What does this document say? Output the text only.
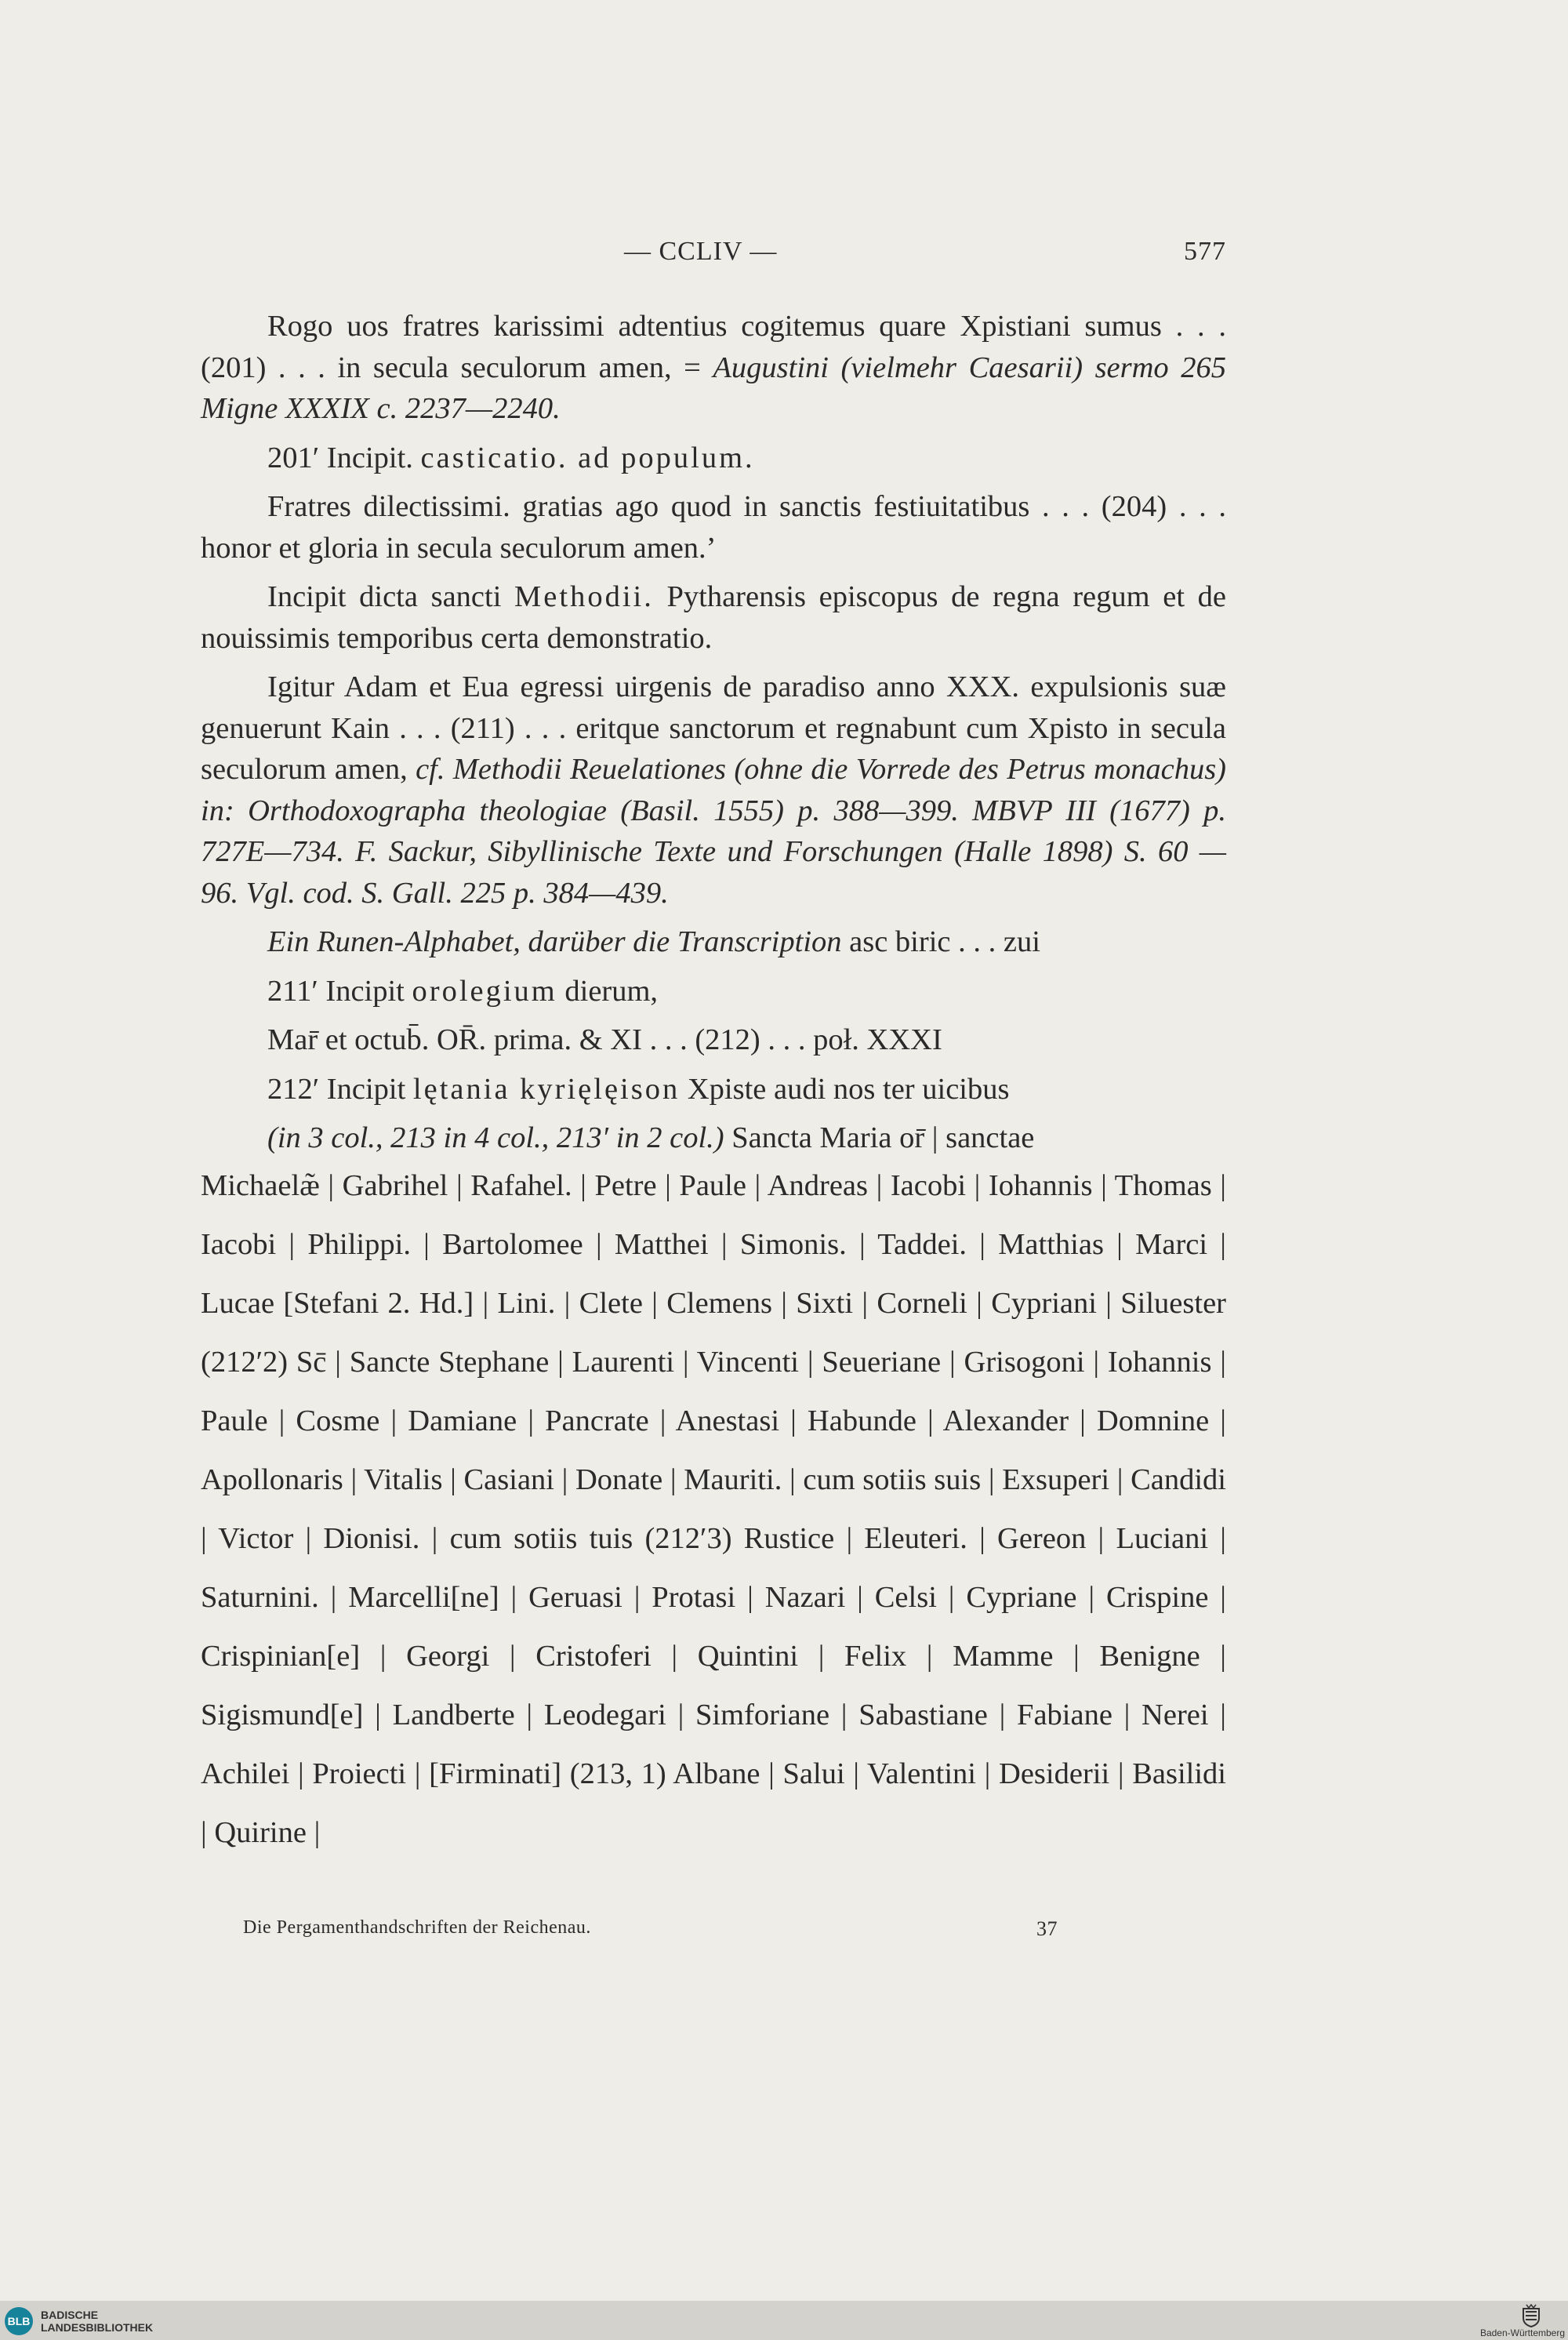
— CCLIV —	577

Rogo uos fratres karissimi adtentius cogitemus quare Χpistiani sumus . . . (201) . . . in secula seculorum amen, = Augustini (vielmehr Caesarii) sermo 265 Migne XXXIX c. 2237—2240.

201′ Incipit. casticatio. ad populum.

Fratres dilectissimi. gratias ago quod in sanctis festiuitatibus . . . (204) . . . honor et gloria in secula seculorum amen.’

Incipit dicta sancti Methodii. Pytharensis episcopus de regna regum et de nouissimis temporibus certa demonstratio.

Igitur Adam et Eua egressi uirgenis de paradiso anno XXX. expulsionis suæ genuerunt Kain . . . (211) . . . eritque sanctorum et regnabunt cum Χpisto in secula seculorum amen, cf. Methodii Reuelationes (ohne die Vorrede des Petrus monachus) in: Orthodoxographa theologiae (Basil. 1555) p. 388—399. MBVP III (1677) p. 727E—734. F. Sackur, Sibyllinische Texte und Forschungen (Halle 1898) S. 60 — 96. Vgl. cod. S. Gall. 225 p. 384—439.

Ein Runen-Alphabet, darüber die Transcription asc biric . . . zui

211′ Incipit orolegium dierum,

Mar̄ et octub̄. OR̄. prima. & XI . . . (212) . . . poł. XXXI

212′ Incipit lętania kyrięlęison Χpiste audi nos ter uicibus

(in 3 col., 213 in 4 col., 213′ in 2 col.) Sancta Maria or̄ | sanctae

Michaelæ̃ | Gabrihel | Rafahel. | Petre | Paule | Andreas | Iacobi | Iohannis | Thomas | Iacobi | Philippi. | Bartolomee | Matthei | Simonis. | Taddei. | Matthias | Marci | Lucae [Stefani 2. Hd.] | Lini. | Clete | Clemens | Sixti | Corneli | Cypriani | Siluester (212′2) Sc̄ | Sancte Stephane | Laurenti | Vincenti | Seueriane | Grisogoni | Iohannis | Paule | Cosme | Damiane | Pancrate | Anestasi | Habunde | Alexander | Domnine | Apollonaris | Vitalis | Casiani | Donate | Mauriti. | cum sotiis suis | Exsuperi | Candidi | Victor | Dionisi. | cum sotiis tuis (212′3) Rustice | Eleuteri. | Gereon | Luciani | Saturnini. | Marcelli[ne] | Geruasi | Protasi | Nazari | Celsi | Cypriane | Crispine | Crispinian[e] | Georgi | Cristoferi | Quintini | Felix | Mamme | Benigne | Sigismund[e] | Landberte | Leodegari | Simforiane | Sabastiane | Fabiane | Nerei | Achilei | Proiecti | [Firminati] (213, 1) Albane | Salui | Valentini | Desiderii | Basilidi | Quirine |

Die Pergamenthandschriften der Reichenau.	37
BLB BADISCHE
LANDESBIBLIOTHEK	Baden-Württemberg
